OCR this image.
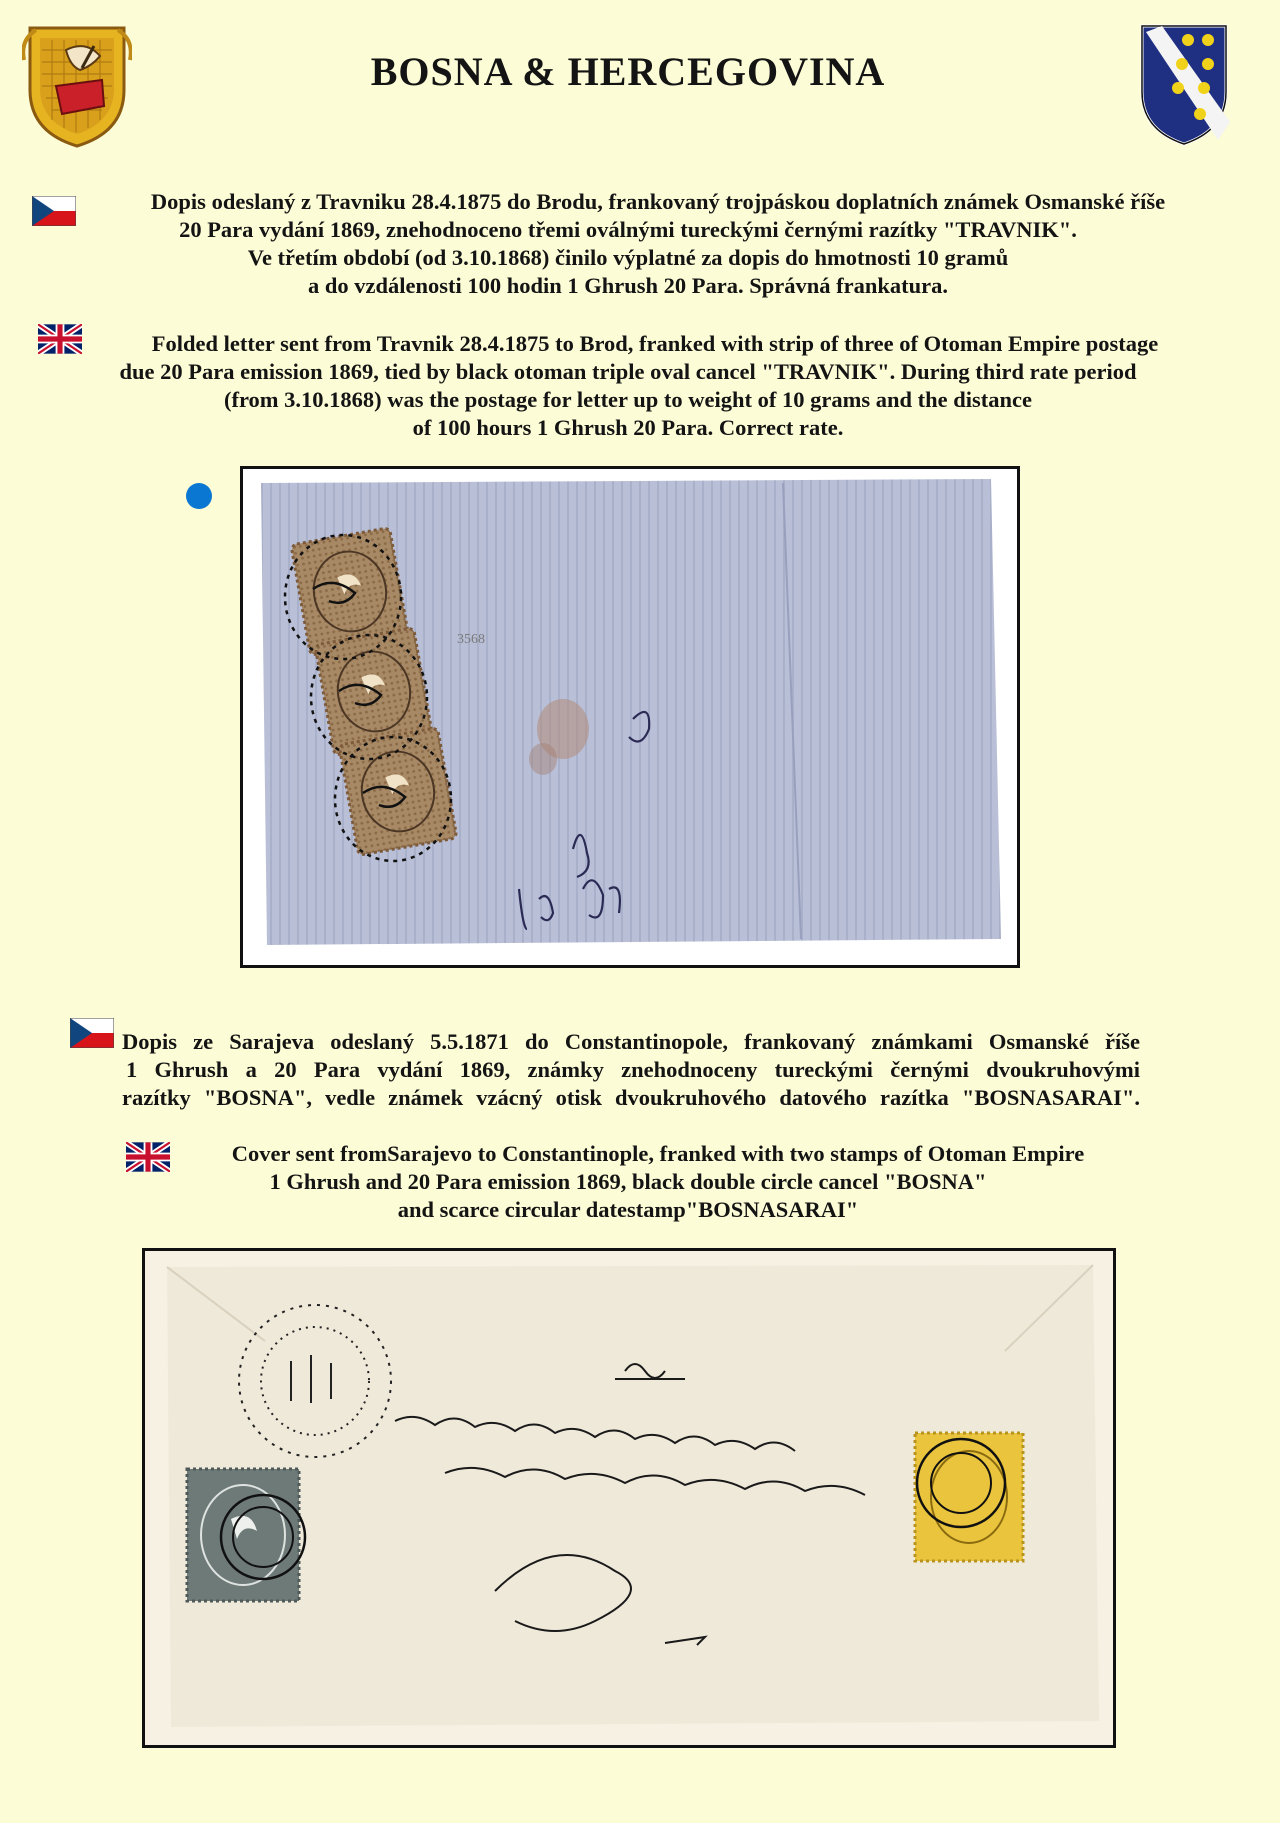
BOSNA & HERCEGOVINA

Dopis odeslaný z Travniku 28.4.1875 do Brodu, frankovaný trojpáskou doplatních známek Osmanské říše

20 Para vydání 1869, znehodnoceno třemi oválnými tureckými černými razítky "TRAVNIK".

Ve třetím období (od 3.10.1868) činilo výplatné za dopis do hmotnosti 10 gramů

a do vzdálenosti 100 hodin 1 Ghrush 20 Para. Správná frankatura.

Folded letter sent from Travnik 28.4.1875 to Brod, franked with strip of three of Otoman Empire postage

due 20 Para emission 1869, tied by black otoman triple oval cancel "TRAVNIK". During third rate period

(from 3.10.1868) was the postage for letter up to weight of 10 grams and the distance

of 100 hours 1 Ghrush 20 Para. Correct rate.

3568

Dopis ze Sarajeva odeslaný 5.5.1871 do Constantinopole, frankovaný známkami Osmanské říše

1 Ghrush a 20 Para vydání 1869, známky znehodnoceny tureckými černými dvoukruhovými

razítky "BOSNA", vedle známek vzácný otisk dvoukruhového datového razítka "BOSNASARAI".

Cover sent fromSarajevo to Constantinople, franked with two stamps of Otoman Empire

1 Ghrush and 20 Para emission 1869, black double circle cancel "BOSNA"

and scarce circular datestamp"BOSNASARAI"
